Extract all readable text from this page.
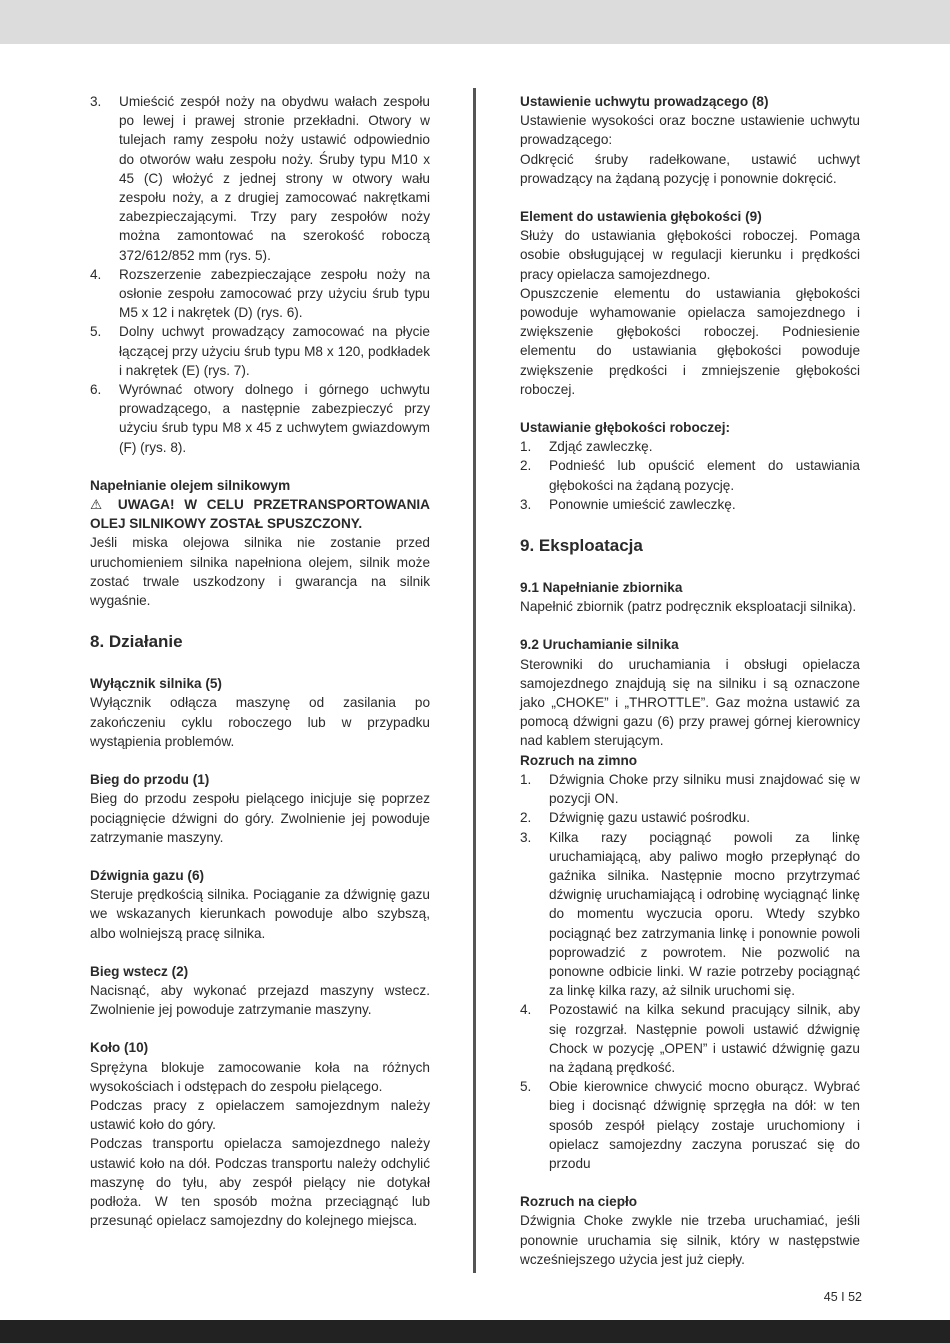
3. Umieścić zespół noży na obydwu wałach zespołu po lewej i prawej stronie przekładni. Otwory w tulejach ramy zespołu noży ustawić odpowiednio do otworów wału zespołu noży. Śruby typu M10 x 45 (C) włożyć z jednej strony w otwory wału zespołu noży, a z drugiej zamocować nakrętkami zabezpieczającymi. Trzy pary zespołów noży można zamontować na szerokość roboczą 372/612/852 mm (rys. 5).
4. Rozszerzenie zabezpieczające zespołu noży na osłonie zespołu zamocować przy użyciu śrub typu M5 x 12 i nakrętek (D) (rys. 6).
5. Dolny uchwyt prowadzący zamocować na płycie łączącej przy użyciu śrub typu M8 x 120, podkładek i nakrętek (E) (rys. 7).
6. Wyrównać otwory dolnego i górnego uchwytu prowadzącego, a następnie zabezpieczyć przy użyciu śrub typu M8 x 45 z uchwytem gwiazdowym (F) (rys. 8).

Napełnianie olejem silnikowym

⚠ UWAGA! W CELU PRZETRANSPORTOWANIA OLEJ SILNIKOWY ZOSTAŁ SPUSZCZONY.

Jeśli miska olejowa silnika nie zostanie przed uruchomieniem silnika napełniona olejem, silnik może zostać trwale uszkodzony i gwarancja na silnik wygaśnie.

8. Działanie

Wyłącznik silnika (5)

Wyłącznik odłącza maszynę od zasilania po zakończeniu cyklu roboczego lub w przypadku wystąpienia problemów.

Bieg do przodu (1)

Bieg do przodu zespołu pielącego inicjuje się poprzez pociągnięcie dźwigni do góry. Zwolnienie jej powoduje zatrzymanie maszyny.

Dźwignia gazu (6)

Steruje prędkością silnika. Pociąganie za dźwignię gazu we wskazanych kierunkach powoduje albo szybszą, albo wolniejszą pracę silnika.

Bieg wstecz (2)

Nacisnąć, aby wykonać przejazd maszyny wstecz. Zwolnienie jej powoduje zatrzymanie maszyny.

Koło (10)

Sprężyna blokuje zamocowanie koła na różnych wysokościach i odstępach do zespołu pielącego.

Podczas pracy z opielaczem samojezdnym należy ustawić koło do góry.

Podczas transportu opielacza samojezdnego należy ustawić koło na dół. Podczas transportu należy odchylić maszynę do tyłu, aby zespół pielący nie dotykał podłoża. W ten sposób można przeciągnąć lub przesunąć opielacz samojezdny do kolejnego miejsca.

Ustawienie uchwytu prowadzącego (8)

Ustawienie wysokości oraz boczne ustawienie uchwytu prowadzącego:

Odkręcić śruby radełkowane, ustawić uchwyt prowadzący na żądaną pozycję i ponownie dokręcić.

Element do ustawienia głębokości (9)

Służy do ustawiania głębokości roboczej. Pomaga osobie obsługującej w regulacji kierunku i prędkości pracy opielacza samojezdnego.

Opuszczenie elementu do ustawiania głębokości powoduje wyhamowanie opielacza samojezdnego i zwiększenie głębokości roboczej. Podniesienie elementu do ustawiania głębokości powoduje zwiększenie prędkości i zmniejszenie głębokości roboczej.

Ustawianie głębokości roboczej:

1. Zdjąć zawleczkę.
2. Podnieść lub opuścić element do ustawiania głębokości na żądaną pozycję.
3. Ponownie umieścić zawleczkę.

9. Eksploatacja

9.1 Napełnianie zbiornika

Napełnić zbiornik (patrz podręcznik eksploatacji silnika).

9.2 Uruchamianie silnika

Sterowniki do uruchamiania i obsługi opielacza samojezdnego znajdują się na silniku i są oznaczone jako „CHOKE” i „THROTTLE”. Gaz można ustawić za pomocą dźwigni gazu (6) przy prawej górnej kierownicy nad kablem sterującym.

Rozruch na zimno

1. Dźwignia Choke przy silniku musi znajdować się w pozycji ON.
2. Dźwignię gazu ustawić pośrodku.
3. Kilka razy pociągnąć powoli za linkę uruchamiającą, aby paliwo mogło przepłynąć do gaźnika silnika. Następnie mocno przytrzymać dźwignię uruchamiającą i odrobinę wyciągnąć linkę do momentu wyczucia oporu. Wtedy szybko pociągnąć bez zatrzymania linkę i ponownie powoli poprowadzić z powrotem. Nie pozwolić na ponowne odbicie linki. W razie potrzeby pociągnąć za linkę kilka razy, aż silnik uruchomi się.
4. Pozostawić na kilka sekund pracujący silnik, aby się rozgrzał. Następnie powoli ustawić dźwignię Chock w pozycję „OPEN” i ustawić dźwignię gazu na żądaną prędkość.
5. Obie kierownice chwycić mocno oburącz. Wybrać bieg i docisnąć dźwignię sprzęgła na dół: w ten sposób zespół pielący zostaje uruchomiony i opielacz samojezdny zaczyna poruszać się do przodu

Rozruch na ciepło

Dźwignia Choke zwykle nie trzeba uruchamiać, jeśli ponownie uruchamia się silnik, który w następstwie wcześniejszego użycia jest już ciepły.

45 I 52
